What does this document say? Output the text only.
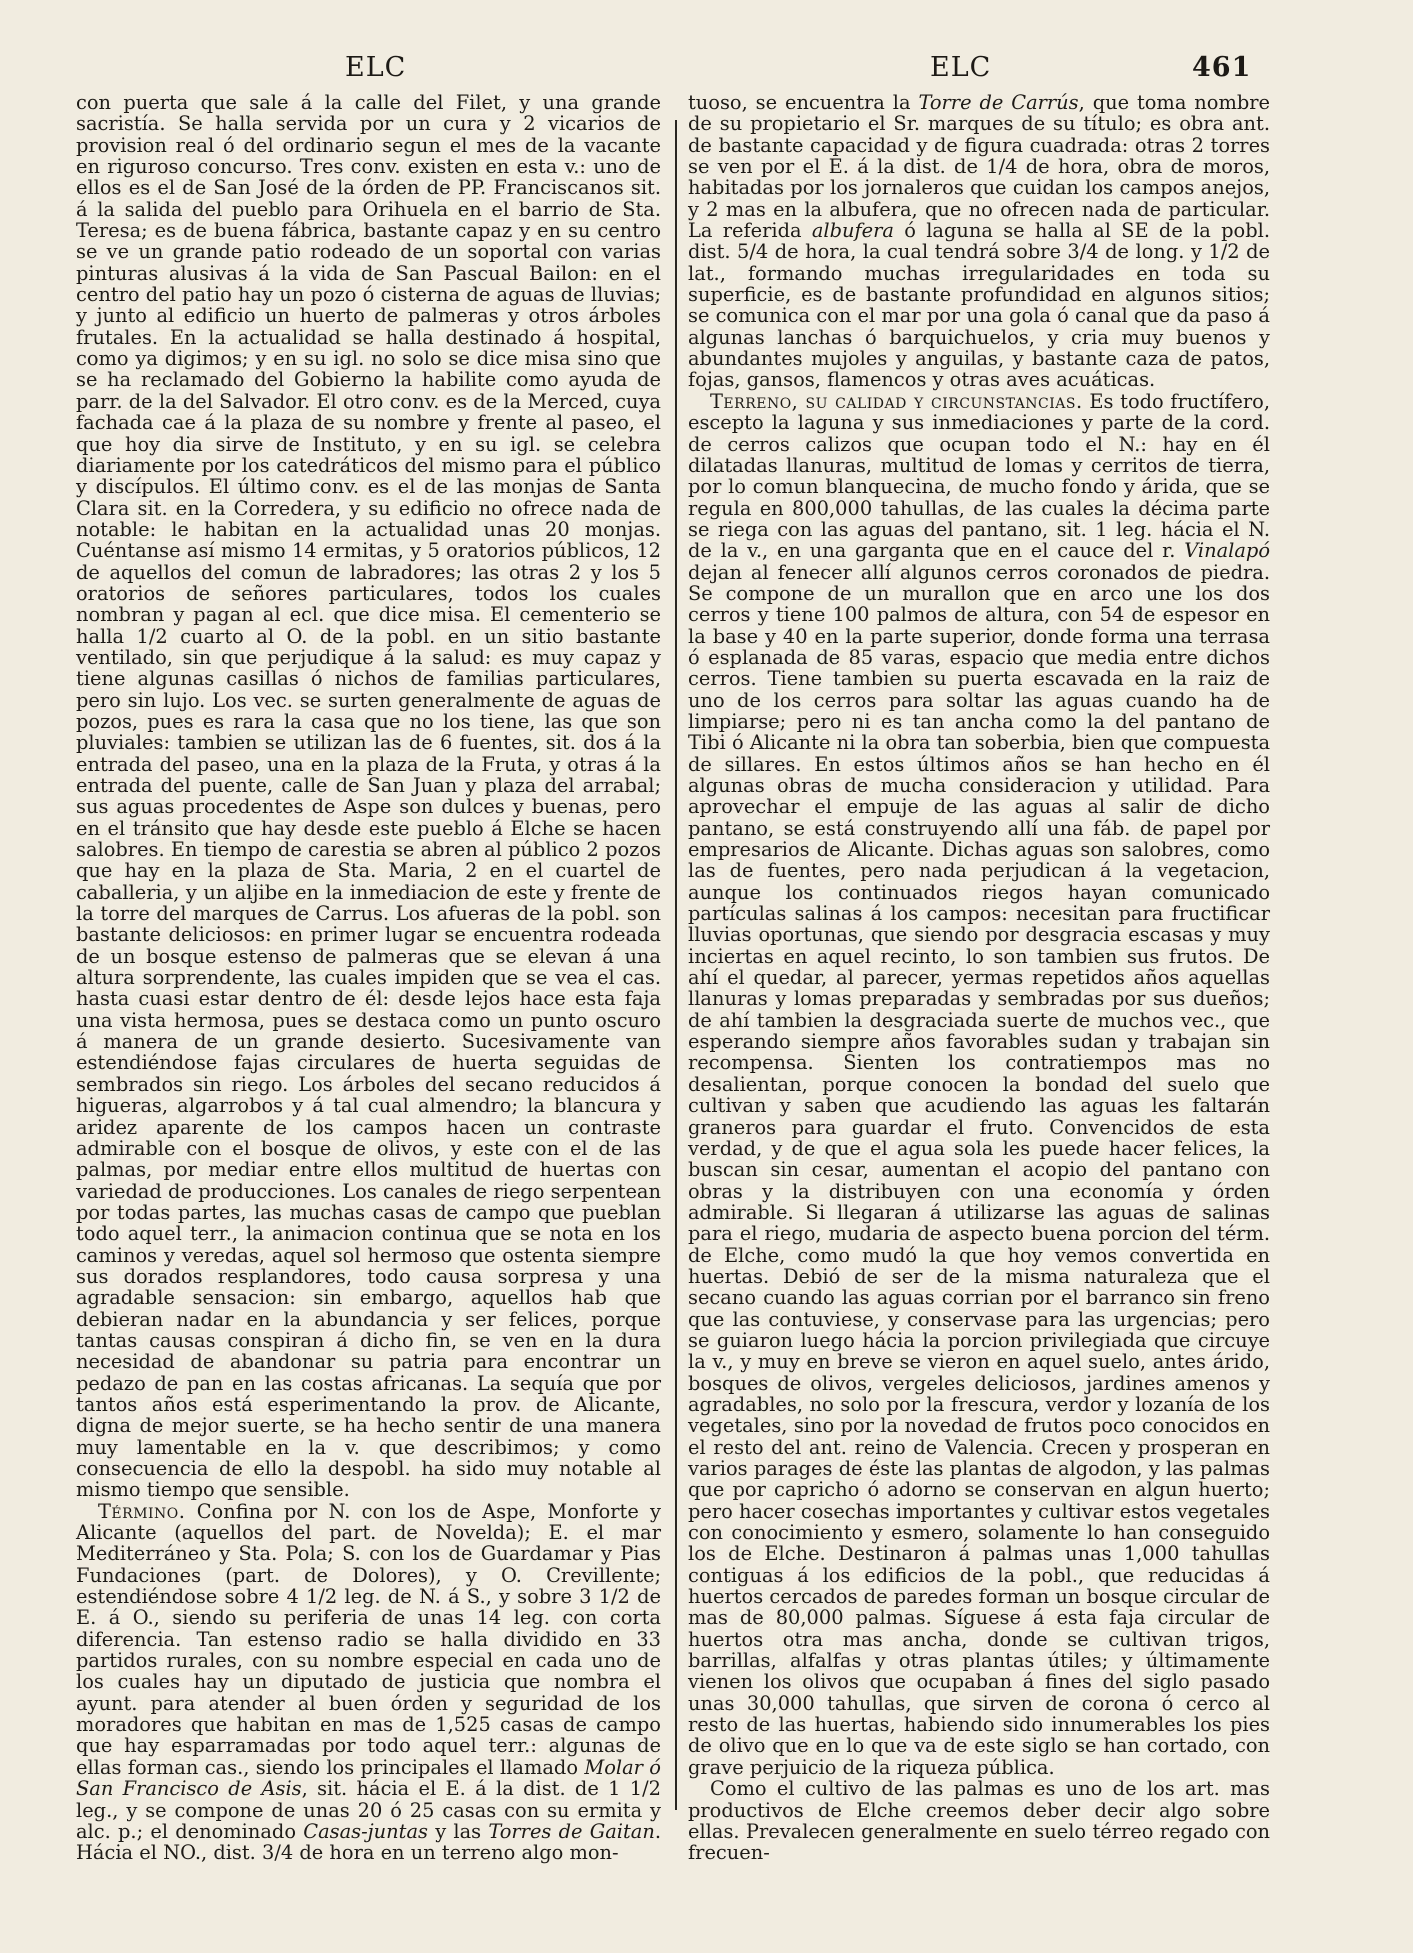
ELC	ELC	461

con puerta que sale á la calle del Filet, y una grande sacristía. Se halla servida por un cura y 2 vicarios de provision real ó del ordinario segun el mes de la vacante en riguroso concurso. Tres conv. existen en esta v.: uno de ellos es el de San José de la órden de PP. Franciscanos sit. á la salida del pueblo para Orihuela en el barrio de Sta. Teresa; es de buena fábrica, bastante capaz y en su centro se ve un grande patio rodeado de un soportal con varias pinturas alusivas á la vida de San Pascual Bailon: en el centro del patio hay un pozo ó cisterna de aguas de lluvias; y junto al edificio un huerto de palmeras y otros árboles frutales. En la actualidad se halla destinado á hospital, como ya digimos; y en su igl. no solo se dice misa sino que se ha reclamado del Gobierno la habilite como ayuda de parr. de la del Salvador. El otro conv. es de la Merced, cuya fachada cae á la plaza de su nombre y frente al paseo, el que hoy dia sirve de Instituto, y en su igl. se celebra diariamente por los catedráticos del mismo para el público y discípulos. El último conv. es el de las monjas de Santa Clara sit. en la Corredera, y su edificio no ofrece nada de notable: le habitan en la actualidad unas 20 monjas. Cuéntanse así mismo 14 ermitas, y 5 oratorios públicos, 12 de aquellos del comun de labradores; las otras 2 y los 5 oratorios de señores particulares, todos los cuales nombran y pagan al ecl. que dice misa. El cementerio se halla 1/2 cuarto al O. de la pobl. en un sitio bastante ventilado, sin que perjudique á la salud: es muy capaz y tiene algunas casillas ó nichos de familias particulares, pero sin lujo. Los vec. se surten generalmente de aguas de pozos, pues es rara la casa que no los tiene, las que son pluviales: tambien se utilizan las de 6 fuentes, sit. dos á la entrada del paseo, una en la plaza de la Fruta, y otras á la entrada del puente, calle de San Juan y plaza del arrabal; sus aguas procedentes de Aspe son dulces y buenas, pero en el tránsito que hay desde este pueblo á Elche se hacen salobres. En tiempo de carestia se abren al público 2 pozos que hay en la plaza de Sta. Maria, 2 en el cuartel de caballeria, y un aljibe en la inmediacion de este y frente de la torre del marques de Carrus. Los afueras de la pobl. son bastante deliciosos: en primer lugar se encuentra rodeada de un bosque estenso de palmeras que se elevan á una altura sorprendente, las cuales impiden que se vea el cas. hasta cuasi estar dentro de él: desde lejos hace esta faja una vista hermosa, pues se destaca como un punto oscuro á manera de un grande desierto. Sucesivamente van estendiéndose fajas circulares de huerta seguidas de sembrados sin riego. Los árboles del secano reducidos á higueras, algarrobos y á tal cual almendro; la blancura y aridez aparente de los campos hacen un contraste admirable con el bosque de olivos, y este con el de las palmas, por mediar entre ellos multitud de huertas con variedad de producciones. Los canales de riego serpentean por todas partes, las muchas casas de campo que pueblan todo aquel terr., la animacion continua que se nota en los caminos y veredas, aquel sol hermoso que ostenta siempre sus dorados resplandores, todo causa sorpresa y una agradable sensacion: sin embargo, aquellos hab que debieran nadar en la abundancia y ser felices, porque tantas causas conspiran á dicho fin, se ven en la dura necesidad de abandonar su patria para encontrar un pedazo de pan en las costas africanas. La sequía que por tantos años está esperimentando la prov. de Alicante, digna de mejor suerte, se ha hecho sentir de una manera muy lamentable en la v. que describimos; y como consecuencia de ello la despobl. ha sido muy notable al mismo tiempo que sensible.

Término. Confina por N. con los de Aspe, Monforte y Alicante (aquellos del part. de Novelda); E. el mar Mediterráneo y Sta. Pola; S. con los de Guardamar y Pias Fundaciones (part. de Dolores), y O. Crevillente; estendiéndose sobre 4 1/2 leg. de N. á S., y sobre 3 1/2 de E. á O., siendo su periferia de unas 14 leg. con corta diferencia. Tan estenso radio se halla dividido en 33 partidos rurales, con su nombre especial en cada uno de los cuales hay un diputado de justicia que nombra el ayunt. para atender al buen órden y seguridad de los moradores que habitan en mas de 1,525 casas de campo que hay esparramadas por todo aquel terr.: algunas de ellas forman cas., siendo los principales el llamado Molar ó San Francisco de Asis, sit. hácia el E. á la dist. de 1 1/2 leg., y se compone de unas 20 ó 25 casas con su ermita y alc. p.; el denominado Casas-juntas y las Torres de Gaitan. Hácia el NO., dist. 3/4 de hora en un terreno algo mon-

tuoso, se encuentra la Torre de Carrús, que toma nombre de su propietario el Sr. marques de su título; es obra ant. de bastante capacidad y de figura cuadrada: otras 2 torres se ven por el E. á la dist. de 1/4 de hora, obra de moros, habitadas por los jornaleros que cuidan los campos anejos, y 2 mas en la albufera, que no ofrecen nada de particular. La referida albufera ó laguna se halla al SE de la pobl. dist. 5/4 de hora, la cual tendrá sobre 3/4 de long. y 1/2 de lat., formando muchas irregularidades en toda su superficie, es de bastante profundidad en algunos sitios; se comunica con el mar por una gola ó canal que da paso á algunas lanchas ó barquichuelos, y cria muy buenos y abundantes mujoles y anguilas, y bastante caza de patos, fojas, gansos, flamencos y otras aves acuáticas.

Terreno, su calidad y circunstancias. Es todo fructífero, escepto la laguna y sus inmediaciones y parte de la cord. de cerros calizos que ocupan todo el N.: hay en él dilatadas llanuras, multitud de lomas y cerritos de tierra, por lo comun blanquecina, de mucho fondo y árida, que se regula en 800,000 tahullas, de las cuales la décima parte se riega con las aguas del pantano, sit. 1 leg. hácia el N. de la v., en una garganta que en el cauce del r. Vinalapó dejan al fenecer allí algunos cerros coronados de piedra. Se compone de un murallon que en arco une los dos cerros y tiene 100 palmos de altura, con 54 de espesor en la base y 40 en la parte superior, donde forma una terrasa ó esplanada de 85 varas, espacio que media entre dichos cerros. Tiene tambien su puerta escavada en la raiz de uno de los cerros para soltar las aguas cuando ha de limpiarse; pero ni es tan ancha como la del pantano de Tibi ó Alicante ni la obra tan soberbia, bien que compuesta de sillares. En estos últimos años se han hecho en él algunas obras de mucha consideracion y utilidad. Para aprovechar el empuje de las aguas al salir de dicho pantano, se está construyendo allí una fáb. de papel por empresarios de Alicante. Dichas aguas son salobres, como las de fuentes, pero nada perjudican á la vegetacion, aunque los continuados riegos hayan comunicado partículas salinas á los campos: necesitan para fructificar lluvias oportunas, que siendo por desgracia escasas y muy inciertas en aquel recinto, lo son tambien sus frutos. De ahí el quedar, al parecer, yermas repetidos años aquellas llanuras y lomas preparadas y sembradas por sus dueños; de ahí tambien la desgraciada suerte de muchos vec., que esperando siempre años favorables sudan y trabajan sin recompensa. Sienten los contratiempos mas no desalientan, porque conocen la bondad del suelo que cultivan y saben que acudiendo las aguas les faltarán graneros para guardar el fruto. Convencidos de esta verdad, y de que el agua sola les puede hacer felices, la buscan sin cesar, aumentan el acopio del pantano con obras y la distribuyen con una economía y órden admirable. Si llegaran á utilizarse las aguas de salinas para el riego, mudaria de aspecto buena porcion del térm. de Elche, como mudó la que hoy vemos convertida en huertas. Debió de ser de la misma naturaleza que el secano cuando las aguas corrian por el barranco sin freno que las contuviese, y conservase para las urgencias; pero se guiaron luego hácia la porcion privilegiada que circuye la v., y muy en breve se vieron en aquel suelo, antes árido, bosques de olivos, vergeles deliciosos, jardines amenos y agradables, no solo por la frescura, verdor y lozanía de los vegetales, sino por la novedad de frutos poco conocidos en el resto del ant. reino de Valencia. Crecen y prosperan en varios parages de éste las plantas de algodon, y las palmas que por capricho ó adorno se conservan en algun huerto; pero hacer cosechas importantes y cultivar estos vegetales con conocimiento y esmero, solamente lo han conseguido los de Elche. Destinaron á palmas unas 1,000 tahullas contiguas á los edificios de la pobl., que reducidas á huertos cercados de paredes forman un bosque circular de mas de 80,000 palmas. Síguese á esta faja circular de huertos otra mas ancha, donde se cultivan trigos, barrillas, alfalfas y otras plantas útiles; y últimamente vienen los olivos que ocupaban á fines del siglo pasado unas 30,000 tahullas, que sirven de corona ó cerco al resto de las huertas, habiendo sido innumerables los pies de olivo que en lo que va de este siglo se han cortado, con grave perjuicio de la riqueza pública.

Como el cultivo de las palmas es uno de los art. mas productivos de Elche creemos deber decir algo sobre ellas. Prevalecen generalmente en suelo térreo regado con frecuen-
